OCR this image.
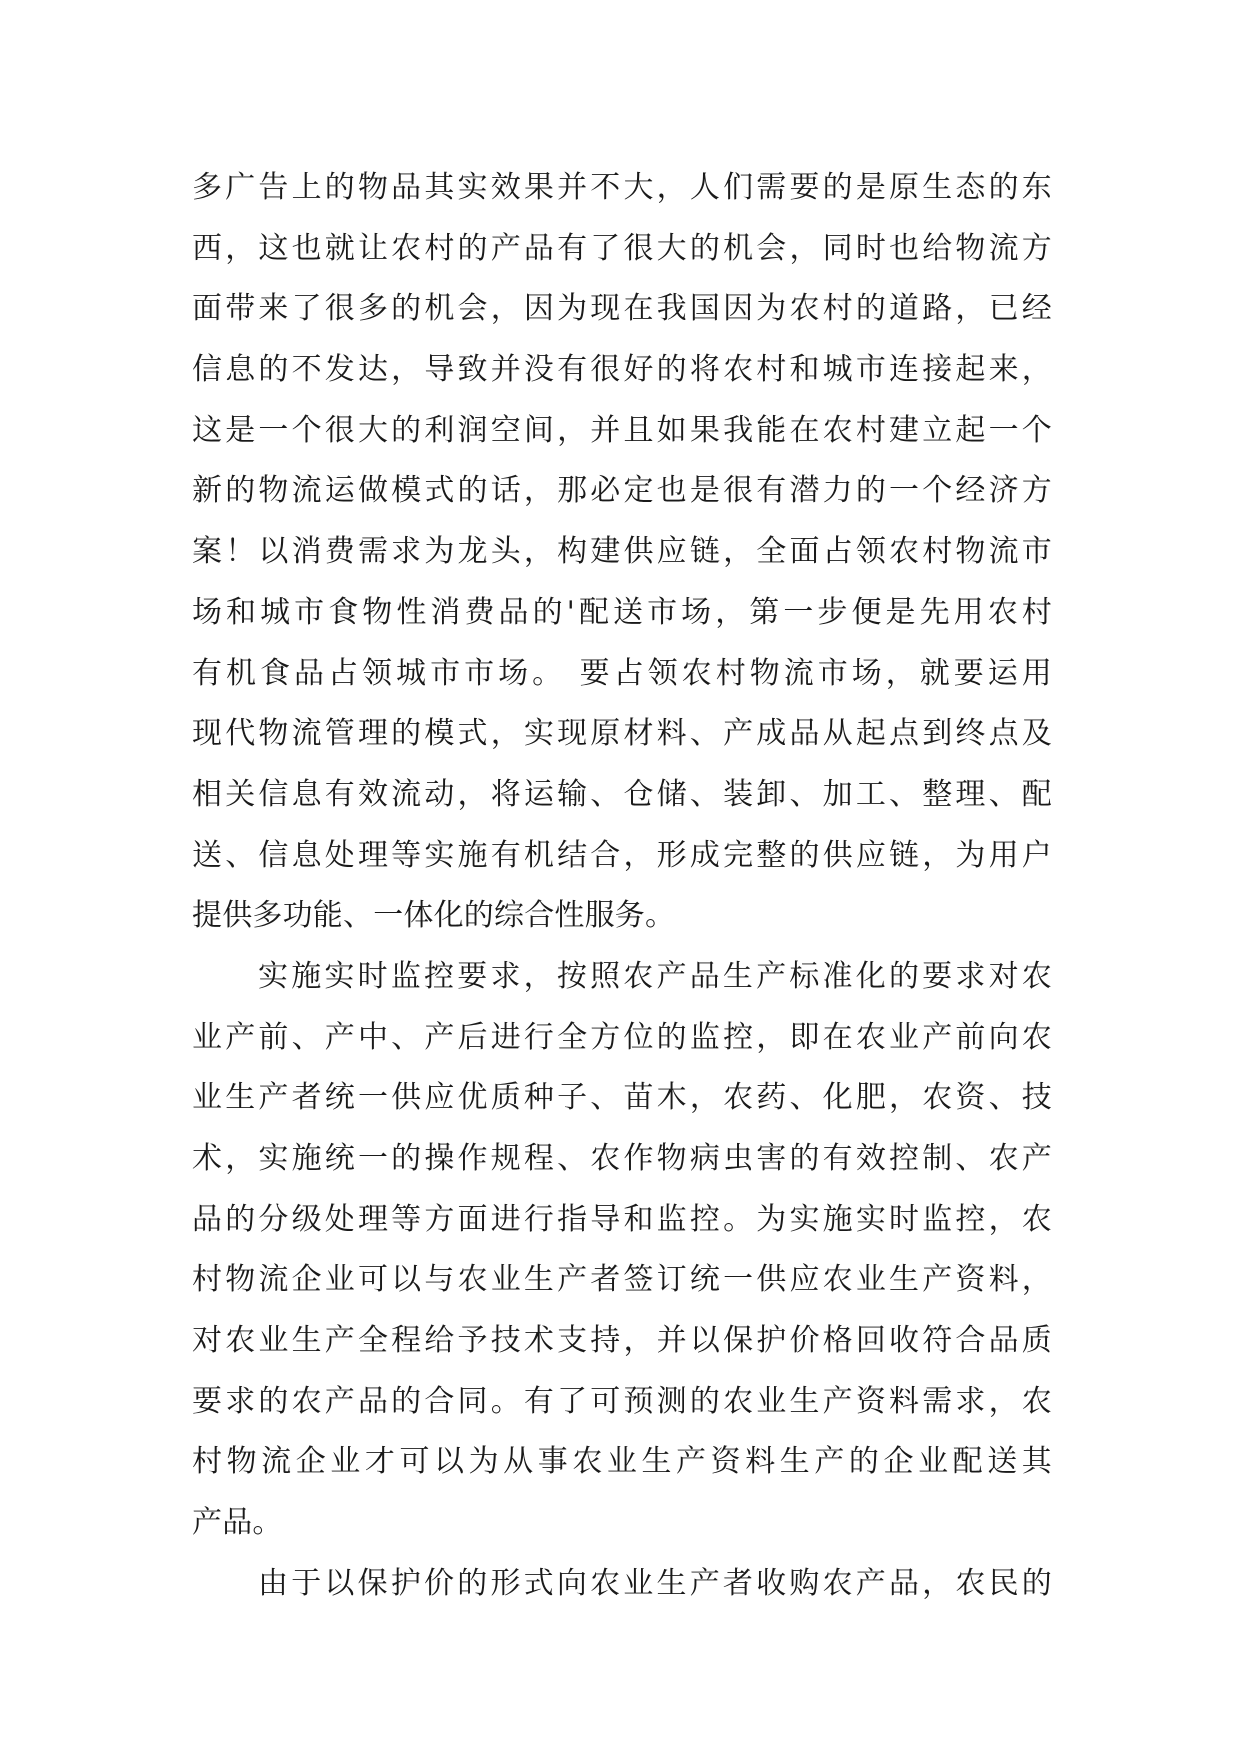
多广告上的物品其实效果并不大，人们需要的是原生态的东
西，这也就让农村的产品有了很大的机会，同时也给物流方
面带来了很多的机会，因为现在我国因为农村的道路，已经
信息的不发达，导致并没有很好的将农村和城市连接起来，
这是一个很大的利润空间，并且如果我能在农村建立起一个
新的物流运做模式的话，那必定也是很有潜力的一个经济方
案！以消费需求为龙头，构建供应链，全面占领农村物流市
场和城市食物性消费品的'配送市场，第一步便是先用农村
有机食品占领城市市场。 要占领农村物流市场，就要运用
现代物流管理的模式，实现原材料、产成品从起点到终点及
相关信息有效流动，将运输、仓储、装卸、加工、整理、配
送、信息处理等实施有机结合，形成完整的供应链，为用户
提供多功能、一体化的综合性服务。
实施实时监控要求，按照农产品生产标准化的要求对农
业产前、产中、产后进行全方位的监控，即在农业产前向农
业生产者统一供应优质种子、苗木，农药、化肥，农资、技
术，实施统一的操作规程、农作物病虫害的有效控制、农产
品的分级处理等方面进行指导和监控。为实施实时监控，农
村物流企业可以与农业生产者签订统一供应农业生产资料，
对农业生产全程给予技术支持，并以保护价格回收符合品质
要求的农产品的合同。有了可预测的农业生产资料需求，农
村物流企业才可以为从事农业生产资料生产的企业配送其
产品。
由于以保护价的形式向农业生产者收购农产品，农民的
